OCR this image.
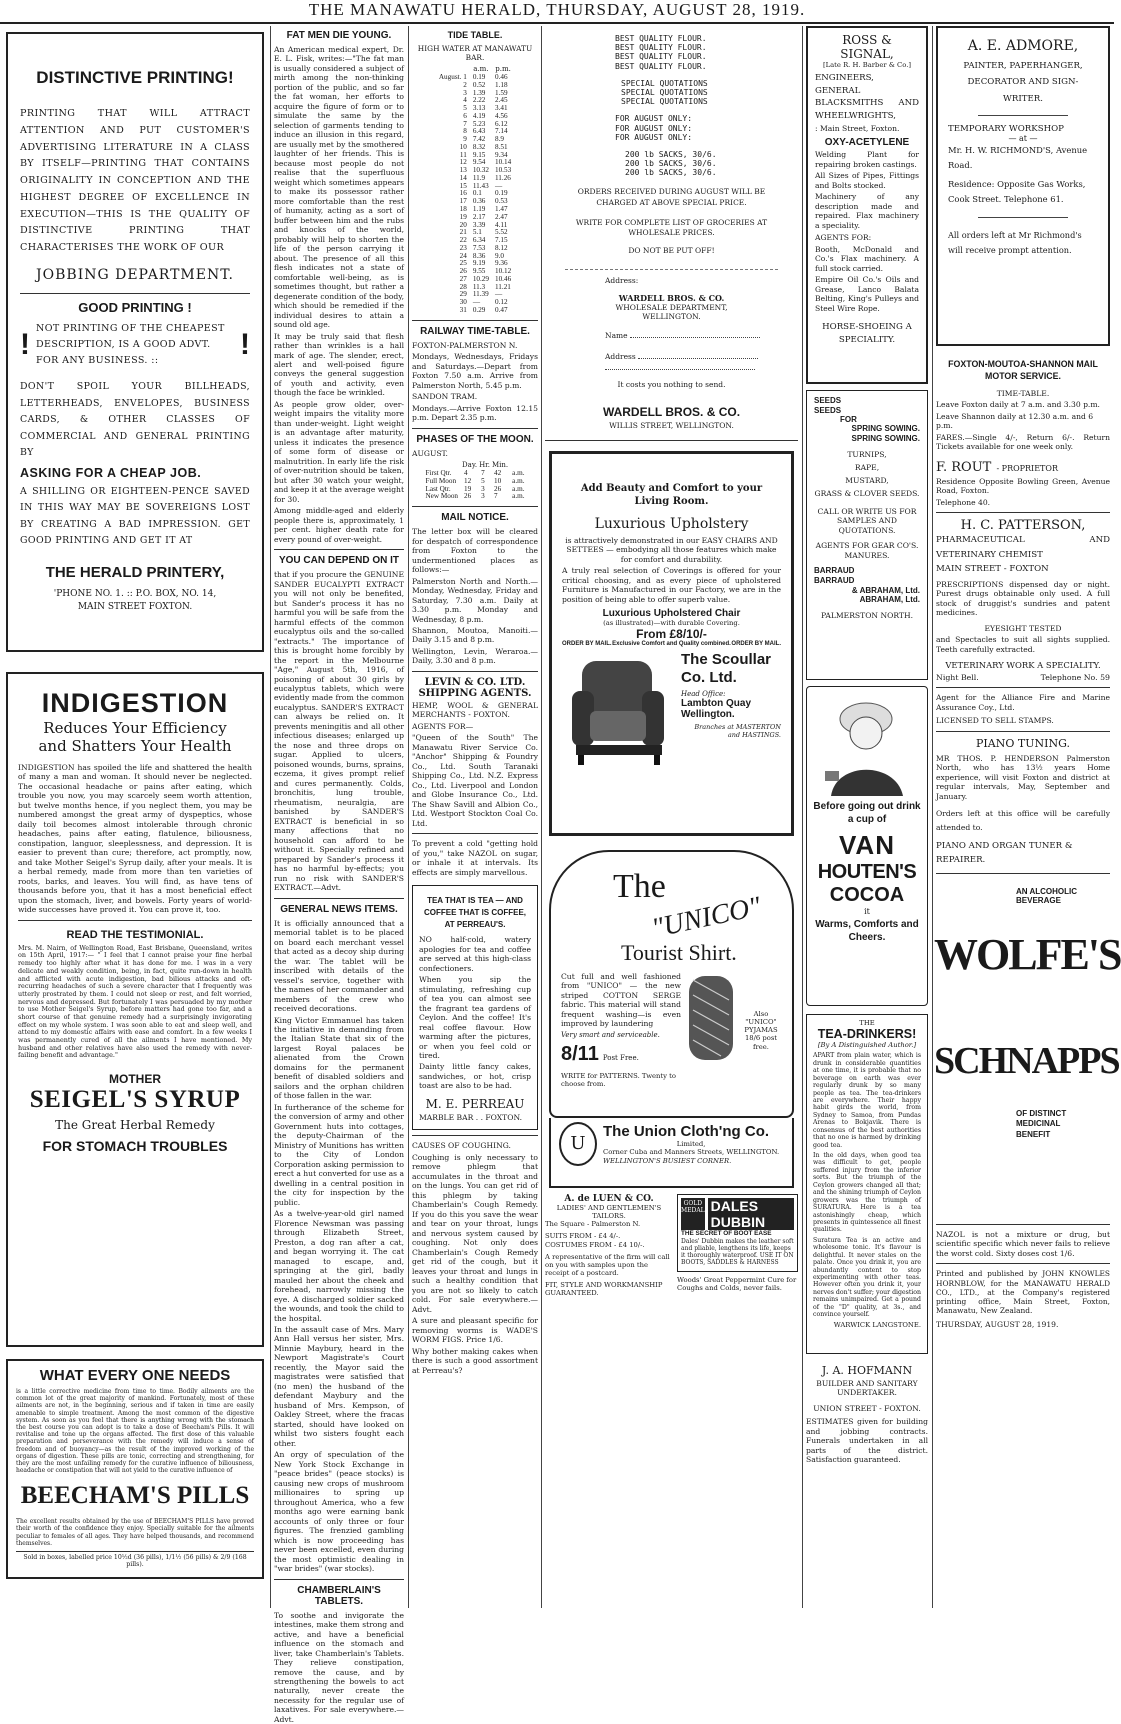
THE MANAWATU HERALD, THURSDAY, AUGUST 28, 1919.
DISTINCTIVE PRINTING!
PRINTING THAT WILL ATTRACT ATTENTION AND PUT CUSTOMER'S ADVERTISING LITERATURE IN A CLASS BY ITSELF—PRINTING THAT CONTAINS ORIGINALITY IN CONCEPTION AND THE HIGHEST DEGREE OF EXCELLENCE IN EXECUTION—THIS IS THE QUALITY OF DISTINCTIVE PRINTING THAT CHARACTERISES THE WORK OF OUR
JOBBING DEPARTMENT.
GOOD PRINTING !
! NOT PRINTING OF THE CHEAPEST DESCRIPTION, IS A GOOD ADVT. FOR ANY BUSINESS. ::	!
DON'T SPOIL YOUR BILLHEADS, LETTERHEADS, ENVELOPES, BUSINESS CARDS, & OTHER CLASSES OF COMMERCIAL AND GENERAL PRINTING BY
ASKING FOR A CHEAP JOB.
A SHILLING OR EIGHTEEN-PENCE SAVED IN THIS WAY MAY BE SOVEREIGNS LOST BY CREATING A BAD IMPRESSION. GET GOOD PRINTING AND GET IT AT
THE HERALD PRINTERY,
'PHONE NO. 1. :: P.O. BOX, NO. 14,
MAIN STREET FOXTON.
INDIGESTION
Reduces Your Efficiency
and Shatters Your Health
INDIGESTION has spoiled the life and shattered the health of many a man and woman. It should never be neglected. The occasional headache or pains after eating, which trouble you now, you may scarcely seem worth attention, but twelve months hence, if you neglect them, you may be numbered amongst the great army of dyspeptics, whose daily toil becomes almost intolerable through chronic headaches, pains after eating, flatulence, biliousness, constipation, languor, sleeplessness, and depression. It is easier to prevent than cure; therefore, act promptly, now, and take Mother Seigel's Syrup daily, after your meals. It is a herbal remedy, made from more than ten varieties of roots, barks, and leaves. You will find, as have tens of thousands before you, that it has a most beneficial effect upon the stomach, liver, and bowels. Forty years of world-wide successes have proved it. You can prove it, too.
READ THE TESTIMONIAL.
Mrs. M. Nairn, of Wellington Road, East Brisbane, Queensland, writes on 15th April, 1917:— " I feel that I cannot praise your fine herbal remedy too highly after what it has done for me. I was in a very delicate and weakly condition, being, in fact, quite run-down in health and afflicted with acute indigestion, bad bilious attacks and oft-recurring headaches of such a severe character that I frequently was utterly prostrated by them. I could not sleep or rest, and felt worried, nervous and depressed. But fortunately I was persuaded by my mother to use Mother Seigel's Syrup, before matters had gone too far, and a short course of that genuine remedy had a surprisingly invigorating effect on my whole system. I was soon able to eat and sleep well, and attend to my domestic affairs with ease and comfort. In a few weeks I was permanently cured of all the ailments I have mentioned. My husband and other relatives have also used the remedy with never-failing benefit and advantage."
MOTHER
SEIGEL'S SYRUP
The Great Herbal Remedy
FOR STOMACH TROUBLES
WHAT EVERY ONE NEEDS
is a little corrective medicine from time to time. Bodily ailments are the common lot of the great majority of mankind. Fortunately, most of these ailments are not, in the beginning, serious and if taken in time are easily amenable to simple treatment. Among the most common of the digestive system. As soon as you feel that there is anything wrong with the stomach the best course you can adopt is to take a dose of Beecham's Pills. It will revitalise and tone up the organs affected. The first dose of this valuable preparation and perseverance with the remedy will induce a sense of freedom and of buoyancy—as the result of the improved working of the organs of digestion. These pills are tonic, correcting and strengthening, for they are the most unfailing remedy for the curative influence of biliousness, headache or constipation that will not yield to the curative influence of
BEECHAM'S PILLS
The excellent results obtained by the use of BEECHAM'S PILLS have proved their worth of the confidence they enjoy. Specially suitable for the ailments peculiar to females of all ages. They have helped thousands, and recommend themselves.
Sold in boxes, labelled price 10½d (36 pills), 1/1½ (56 pills) & 2/9 (168 pills).
FAT MEN DIE YOUNG.
An American medical expert, Dr. E. L. Fisk, writes:—"The fat man is usually considered a subject of mirth among the non-thinking portion of the public, and so far the fat woman, her efforts to acquire the figure of form or to simulate the same by the selection of garments tending to induce an illusion in this regard, are usually met by the smothered laughter of her friends. This is because most people do not realise that the superfluous weight which sometimes appears to make its possessor rather more comfortable than the rest of humanity, acting as a sort of buffer between him and the rubs and knocks of the world, probably will help to shorten the life of the person carrying it about. The presence of all this flesh indicates not a state of comfortable well-being, as is sometimes thought, but rather a degenerate condition of the body, which should be remedied if the individual desires to attain a sound old age.
It may be truly said that flesh rather than wrinkles is a hall mark of age. The slender, erect, alert and well-poised figure conveys the general suggestion of youth and activity, even though the face be wrinkled.
As people grow older, over-weight impairs the vitality more than under-weight. Light weight is an advantage after maturity, unless it indicates the presence of some form of disease or malnutrition. In early life the risk of over-nutrition should be taken, but after 30 watch your weight, and keep it at the average weight for 30.
Among middle-aged and elderly people there is, approximately, 1 per cent. higher death rate for every pound of over-weight.
YOU CAN DEPEND ON IT
that if you procure the GENUINE SANDER EUCALYPTI EXTRACT you will not only be benefited, but Sander's process it has no harmful you will be safe from the harmful effects of the common eucalyptus oils and the so-called "extracts." The importance of this is brought home forcibly by the report in the Melbourne "Age," August 5th, 1916, of poisoning of about 30 girls by eucalyptus tablets, which were evidently made from the common eucalyptus. SANDER'S EXTRACT can always be relied on. It prevents meningitis and all other infectious diseases; enlarged up the nose and three drops on sugar. Applied to ulcers, poisoned wounds, burns, sprains, eczema, it gives prompt relief and cures permanently. Colds, bronchitis, lung trouble, rheumatism, neuralgia, are banished by SANDER'S EXTRACT is beneficial in so many affections that no household can afford to be without it. Specially refined and prepared by Sander's process it has no harmful by-effects; you run no risk with SANDER'S EXTRACT.—Advt.
GENERAL NEWS ITEMS.
It is officially announced that a memorial tablet is to be placed on board each merchant vessel that acted as a decoy ship during the war. The tablet will be inscribed with details of the vessel's service, together with the names of her commander and members of the crew who received decorations.
King Victor Emmanuel has taken the initiative in demanding from the Italian State that six of the largest Royal palaces be alienated from the Crown domains for the permanent benefit of disabled soldiers and sailors and the orphan children of those fallen in the war.
In furtherance of the scheme for the conversion of army and other Government huts into cottages, the deputy-Chairman of the Ministry of Munitions has written to the City of London Corporation asking permission to erect a hut converted for use as a dwelling in a central position in the city for inspection by the public.
As a twelve-year-old girl named Florence Newsman was passing through Elizabeth Street, Preston, a dog ran after a cat, and began worrying it. The cat managed to escape, and, springing at the girl, badly mauled her about the cheek and forehead, narrowly missing the eye. A discharged soldier sacked the wounds, and took the child to the hospital.
In the assault case of Mrs. Mary Ann Hall versus her sister, Mrs. Minnie Maybury, heard in the Newport Magistrate's Court recently, the Mayor said the magistrates were satisfied that (no men) the husband of the defendant Maybury and the husband of Mrs. Kempson, of Oakley Street, where the fracas started, should have looked on whilst two sisters fought each other.
An orgy of speculation of the New York Stock Exchange in "peace brides" (peace stocks) is causing new crops of mushroom millionaires to spring up throughout America, who a few months ago were earning bank accounts of only three or four figures. The frenzied gambling which is now proceeding has never been excelled, even during the most optimistic dealing in "war brides" (war stocks).
CHAMBERLAIN'S TABLETS.
To soothe and invigorate the intestines, make them strong and active, and have a beneficial influence on the stomach and liver, take Chamberlain's Tablets. They relieve constipation, remove the cause, and by strengthening the bowels to act naturally, never create the necessity for the regular use of laxatives. For sale everywhere.—Advt.
TIDE TABLE.
HIGH WATER AT MANAWATU BAR.
	a.m.	p.m.
August. 1	0.19	0.46
2	0.52	1.18
3	1.39	1.59
4	2.22	2.45
5	3.13	3.41
6	4.19	4.56
7	5.23	6.12
8	6.43	7.14
9	7.42	8.9
10	8.32	8.51
11	9.15	9.34
12	9.54	10.14
13	10.32	10.53
14	11.9	11.26
15	11.43	—
16	0.1	0.19
17	0.36	0.53
18	1.19	1.47
19	2.17	2.47
20	3.39	4.11
21	5.1	5.52
22	6.34	7.15
23	7.53	8.12
24	8.36	9.0
25	9.19	9.36
26	9.55	10.12
27	10.29	10.46
28	11.3	11.21
29	11.39	—
30	—	0.12
31	0.29	0.47
RAILWAY TIME-TABLE.
FOXTON-PALMERSTON N.
Mondays, Wednesdays, Fridays and Saturdays.—Depart from Foxton 7.50 a.m. Arrive from Palmerston North, 5.45 p.m.
SANDON TRAM.
Mondays.—Arrive Foxton 12.15 p.m. Depart 2.35 p.m.
PHASES OF THE MOON.
AUGUST.
	Day.	Hr.	Min.	
First Qtr.	4	7	42	a.m.
Full Moon	12	5	10	a.m.
Last Qtr.	19	3	26	a.m.
New Moon	26	3	7	a.m.
MAIL NOTICE.
The letter box will be cleared for despatch of correspondence from Foxton to the undermentioned places as follows:—
Palmerston North and North.—Monday, Wednesday, Friday and Saturday, 7.30 a.m. Daily at 3.30 p.m. Monday and Wednesday, 8 p.m.
Shannon, Moutoa, Manoiti.—Daily 3.15 and 8 p.m.
Wellington, Levin, Weraroa.—Daily, 3.30 and 8 p.m.
LEVIN & CO. LTD. SHIPPING AGENTS.
HEMP, WOOL & GENERAL MERCHANTS - FOXTON.
AGENTS FOR—
"Queen of the South" The Manawatu River Service Co. "Anchor" Shipping & Foundry Co., Ltd. South Taranaki Shipping Co., Ltd. N.Z. Express Co., Ltd. Liverpool and London and Globe Insurance Co., Ltd. The Shaw Savill and Albion Co., Ltd. Westport Stockton Coal Co. Ltd.
To prevent a cold "getting hold of you," take NAZOL on sugar, or inhale it at intervals. Its effects are simply marvellous.
TEA THAT IS TEA — AND COFFEE THAT IS COFFEE, AT PERREAU'S.
NO half-cold, watery apologies for tea and coffee are served at this high-class confectioners.
When you sip the stimulating, refreshing cup of tea you can almost see the fragrant tea gardens of Ceylon. And the coffee! It's real coffee flavour. How warming after the pictures, or when you feel cold or tired.
Dainty little fancy cakes, sandwiches, or hot, crisp toast are also to be had.
M. E. PERREAU
MARBLE BAR . . FOXTON.
CAUSES OF COUGHING.
Coughing is only necessary to remove phlegm that accumulates in the throat and on the lungs. You can get rid of this phlegm by taking Chamberlain's Cough Remedy. If you do this you save the wear and tear on your throat, lungs and nervous system caused by coughing. Not only does Chamberlain's Cough Remedy get rid of the cough, but it leaves your throat and lungs in such a healthy condition that you are not so likely to catch cold. For sale everywhere.—Advt.
A sure and pleasant specific for removing worms is WADE'S WORM FIGS. Price 1/6.
Why bother making cakes when there is such a good assortment at Perreau's?
BEST QUALITY FLOUR.
BEST QUALITY FLOUR.
BEST QUALITY FLOUR.
BEST QUALITY FLOUR.
SPECIAL QUOTATIONS
SPECIAL QUOTATIONS
SPECIAL QUOTATIONS
FOR AUGUST ONLY:
FOR AUGUST ONLY:
FOR AUGUST ONLY:
200 lb SACKS, 30/6.
200 lb SACKS, 30/6.
200 lb SACKS, 30/6.
ORDERS RECEIVED DURING AUGUST WILL BE CHARGED AT ABOVE SPECIAL PRICE.
WRITE FOR COMPLETE LIST OF GROCERIES AT WHOLESALE PRICES.
DO NOT BE PUT OFF!
Address:
WARDELL BROS. & CO.
WHOLESALE DEPARTMENT,
WELLINGTON.
Name
Address
It costs you nothing to send.
WARDELL BROS. & CO.
WILLIS STREET, WELLINGTON.
Add Beauty and Comfort to your Living Room.
Luxurious Upholstery
is attractively demonstrated in our EASY CHAIRS AND SETTEES — embodying all those features which make for comfort and durability.
A truly real selection of Coverings is offered for your critical choosing, and as every piece of upholstered Furniture is Manufactured in our Factory, we are in the position of being able to offer superb value.
Luxurious Upholstered Chair
(as illustrated)—with durable Covering.
From £8/10/-
ORDER BY MAIL. Exclusive Comfort and Quality combined. ORDER BY MAIL.
The Scoullar Co. Ltd.
Head Office:
Lambton Quay Wellington.
Branches at MASTERTON and HASTINGS.
The
"UNICO"
Tourist Shirt.
Cut full and well fashioned from "UNICO" — the new striped COTTON SERGE fabric. This material will stand frequent washing—is even improved by laundering
Very smart and serviceable.
8/11 Post Free.
WRITE for PATTERNS. Twenty to choose from.
Also "UNICO" PYJAMAS 18/6 post free.
U
The Union Cloth'ng Co.
Limited,
Corner Cuba and Manners Streets, WELLINGTON.
WELLINGTON'S BUSIEST CORNER.
A. de LUEN & CO.
LADIES' AND GENTLEMEN'S TAILORS.
The Square - Palmerston N.
SUITS FROM - £4 4/-.
COSTUMES FROM - £4 10/-.
A representative of the firm will call on you with samples upon the receipt of a postcard.
FIT, STYLE AND WORKMANSHIP GUARANTEED.
GOLD MEDAL DALES DUBBIN
THE SECRET OF BOOT EASE
Dales' Dubbin makes the leather soft and pliable, lengthens its life, keeps it thoroughly waterproof. USE IT ON BOOTS, SADDLES & HARNESS
Woods' Great Peppermint Cure for Coughs and Colds, never fails.
ROSS & SIGNAL,
[Late R. H. Barber & Co.]
ENGINEERS, GENERAL BLACKSMITHS AND WHEELWRIGHTS,
: Main Street, Foxton.
OXY-ACETYLENE
Welding Plant for repairing broken castings.
All Sizes of Pipes, Fittings and Bolts stocked.
Machinery of any description made and repaired. Flax machinery a speciality.
AGENTS FOR:
Booth, McDonald and Co.'s Flax machinery. A full stock carried.
Empire Oil Co.'s Oils and Grease, Lanco Balata Belting, King's Pulleys and Steel Wire Rope.
HORSE-SHOEING A SPECIALITY.
SEEDS
SEEDS
FOR
SPRING SOWING.
SPRING SOWING.
TURNIPS,
RAPE,
MUSTARD,
GRASS & CLOVER SEEDS.
CALL OR WRITE US FOR SAMPLES AND QUOTATIONS.
AGENTS FOR GEAR CO'S. MANURES.
BARRAUD
BARRAUD
& ABRAHAM, Ltd.
ABRAHAM, Ltd.
PALMERSTON NORTH.
Before going out drink a cup of
VAN
HOUTEN'S
COCOA
it
Warms, Comforts and Cheers.
THE
TEA-DRINKERS!
[By A Distinguished Author.]
APART from plain water, which is drunk in considerable quantities at one time, it is probable that no beverage on earth was ever regularly drunk by so many people as tea. The tea-drinkers are everywhere. Their happy habit girds the world, from Sydney to Samoa, from Pundas Arenas to Bokjavik. There is consensus of the best authorities that no one is harmed by drinking good tea.
In the old days, when good tea was difficult to get, people suffered injury from the inferior sorts. But the triumph of the Ceylon growers changed all that; and the shining triumph of Ceylon growers was the triumph of SURATURA. Here is a tea astonishingly cheap, which presents in quintessence all finest qualities.
Suratura Tea is an active and wholesome tonic. It's flavour is delightful. It never stales on the palate. Once you drink it, you are abundantly content to stop experimenting with other teas. However often you drink it, your nerves don't suffer; your digestion remains unimpaired. Get a pound of the "D" quality, at 3s., and convince yourself.
WARWICK LANGSTONE.
J. A. HOFMANN
BUILDER AND SANITARY UNDERTAKER.
UNION STREET - FOXTON.
ESTIMATES given for building and jobbing contracts. Funerals undertaken in all parts of the district. Satisfaction guaranteed.
A. E. ADMORE,
PAINTER, PAPERHANGER, DECORATOR AND SIGN-WRITER.
TEMPORARY WORKSHOP
— at —
Mr. H. W. RICHMOND'S, Avenue Road.
Residence: Opposite Gas Works, Cook Street. Telephone 61.
All orders left at Mr Richmond's will receive prompt attention.
FOXTON-MOUTOA-SHANNON MAIL MOTOR SERVICE.
TIME-TABLE.
Leave Foxton daily at 7 a.m. and 3.30 p.m.
Leave Shannon daily at 12.30 a.m. and 6 p.m.
FARES.—Single 4/-, Return 6/-. Return Tickets available for one week only.
F. ROUT - PROPRIETOR
Residence Opposite Bowling Green, Avenue Road, Foxton.
Telephone 40.
H. C. PATTERSON,
PHARMACEUTICAL AND VETERINARY CHEMIST
MAIN STREET - FOXTON
PRESCRIPTIONS dispensed day or night. Purest drugs obtainable only used. A full stock of druggist's sundries and patent medicines.
EYESIGHT TESTED
and Spectacles to suit all sights supplied. Teeth carefully extracted.
VETERINARY WORK A SPECIALITY.
Night Bell.	Telephone No. 59
Agent for the Alliance Fire and Marine Assurance Coy., Ltd.
LICENSED TO SELL STAMPS.
PIANO TUNING.
MR THOS. P. HENDERSON Palmerston North, who has 13½ years Home experience, will visit Foxton and district at regular intervals, May, September and January.
Orders left at this office will be carefully attended to.
PIANO AND ORGAN TUNER & REPAIRER.
WOLFE'S
SCHNAPPS
AN ALCOHOLIC BEVERAGE
OF DISTINCT MEDICINAL BENEFIT
NAZOL is not a mixture or drug, but scientific specific which never fails to relieve the worst cold. Sixty doses cost 1/6.
Printed and published by JOHN KNOWLES HORNBLOW, for the MANAWATU HERALD CO., LTD., at the Company's registered printing office, Main Street, Foxton, Manawatu, New Zealand.
THURSDAY, AUGUST 28, 1919.
